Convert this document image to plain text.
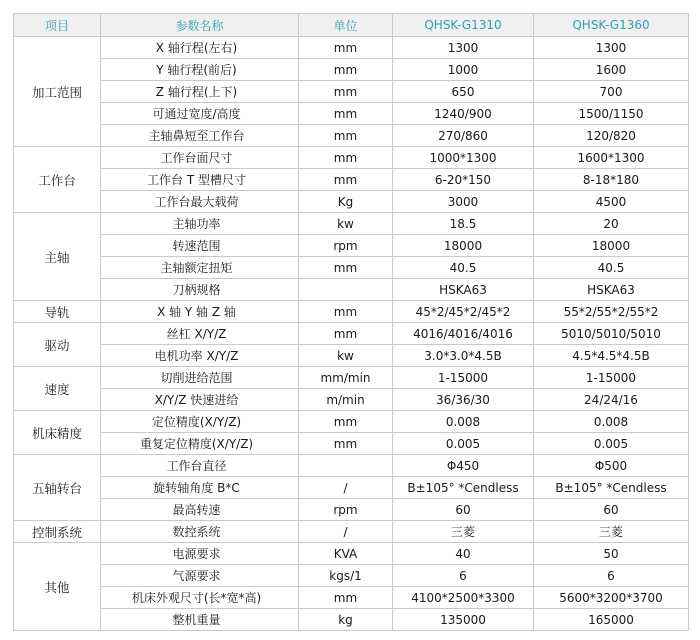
项目	参数名称	单位	QHSK-G1310	QHSK-G1360
加工范围	X 轴行程(左右)	mm	1300	1300
	Y 轴行程(前后)	mm	1000	1600
	Z 轴行程(上下)	mm	650	700
	可通过宽度/高度	mm	1240/900	1500/1150
	主轴鼻短至工作台	mm	270/860	120/820
工作台	工作台面尺寸	mm	1000*1300	1600*1300
	工作台 T 型槽尺寸	mm	6-20*150	8-18*180
	工作台最大载荷	Kg	3000	4500
主轴	主轴功率	kw	18.5	20
	转速范围	rpm	18000	18000
	主轴额定扭矩	mm	40.5	40.5
	刀柄规格		HSKA63	HSKA63
导轨	X 轴 Y 轴 Z 轴	mm	45*2/45*2/45*2	55*2/55*2/55*2
驱动	丝杠 X/Y/Z	mm	4016/4016/4016	5010/5010/5010
	电机功率 X/Y/Z	kw	3.0*3.0*4.5B	4.5*4.5*4.5B
速度	切削进给范围	mm/min	1-15000	1-15000
	X/Y/Z 快速进给	m/min	36/36/30	24/24/16
机床精度	定位精度(X/Y/Z)	mm	0.008	0.008
	重复定位精度(X/Y/Z)	mm	0.005	0.005
五轴转台	工作台直径		Φ450	Φ500
	旋转轴角度 B*C	/	B±105° *Cendless	B±105° *Cendless
	最高转速	rpm	60	60
控制系统	数控系统	/	三菱	三菱
其他	电源要求	KVA	40	50
	气源要求	kgs/1	6	6
	机床外观尺寸(长*宽*高)	mm	4100*2500*3300	5600*3200*3700
	整机重量	kg	135000	165000
